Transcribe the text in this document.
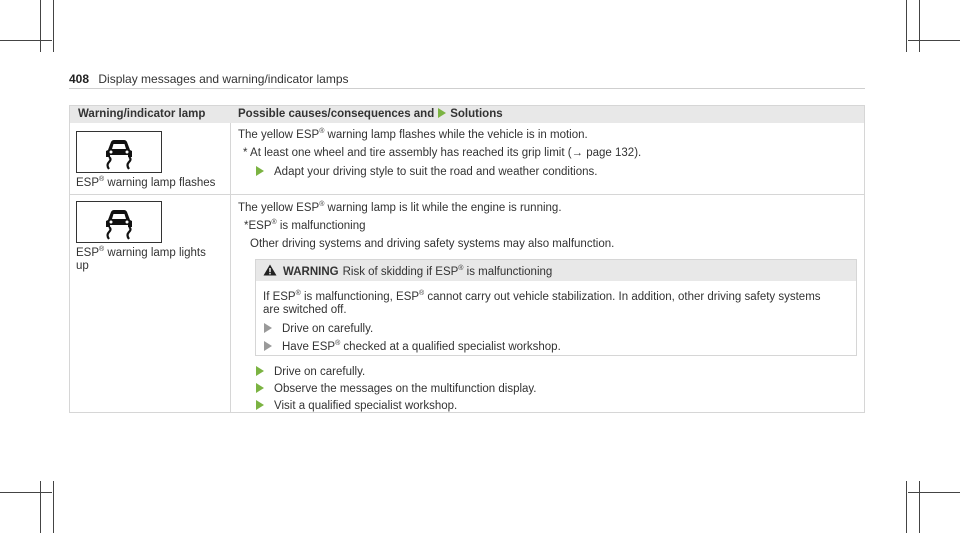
408 Display messages and warning/indicator lamps
Warning/indicator lamp	Possible causes/consequences and Solutions
ESP® warning lamp flashes
The yellow ESP® warning lamp flashes while the vehicle is in motion.
* At least one wheel and tire assembly has reached its grip limit (→ page 132).
Adapt your driving style to suit the road and weather conditions.
ESP® warning lamp lights
up
The yellow ESP® warning lamp is lit while the engine is running.
*ESP® is malfunctioning
Other driving systems and driving safety systems may also malfunction.
WARNING Risk of skidding if ESP® is malfunctioning
If ESP® is malfunctioning, ESP® cannot carry out vehicle stabilization. In addition, other driving safety systems
are switched off.
Drive on carefully.
Have ESP® checked at a qualified specialist workshop.
Drive on carefully.
Observe the messages on the multifunction display.
Visit a qualified specialist workshop.
